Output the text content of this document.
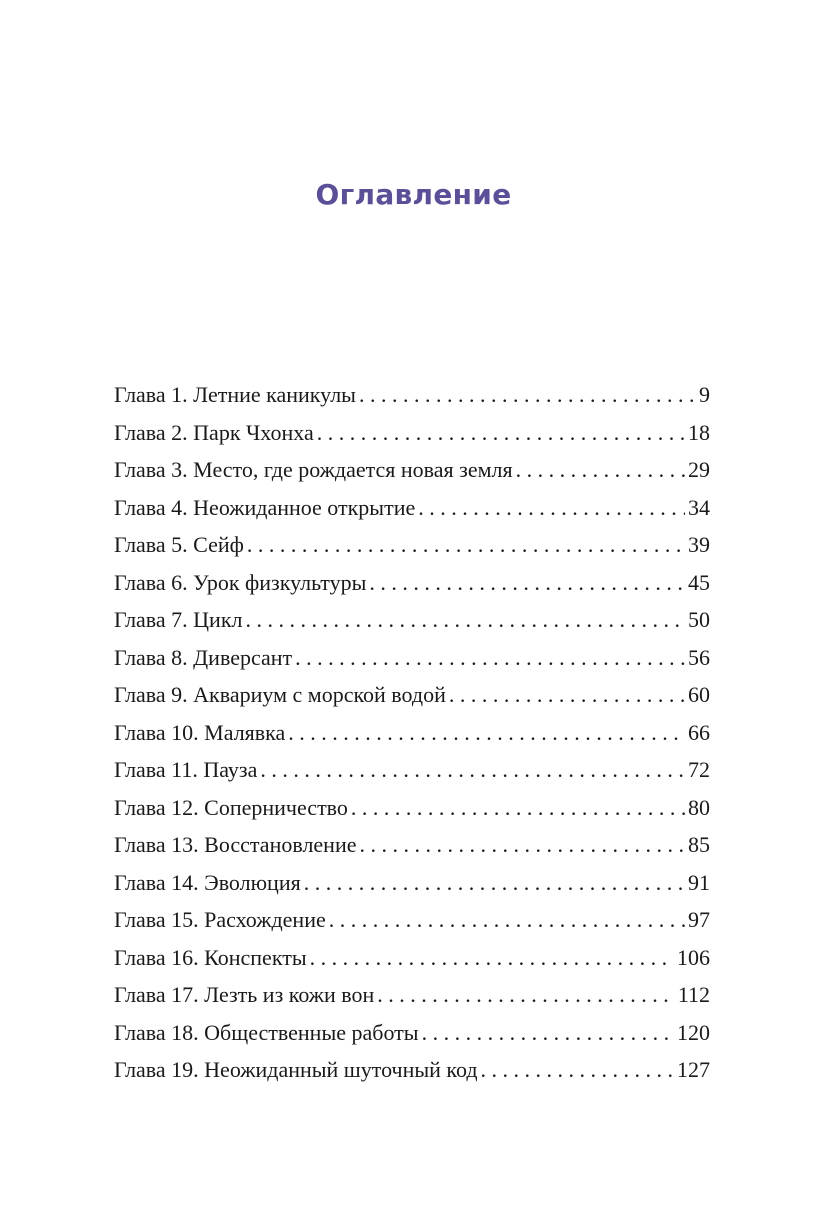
Оглавление
Глава 1. Летние каникулы . . .	9
Глава 2. Парк Чхонха . . .	18
Глава 3. Место, где рождается новая земля . . .	29
Глава 4. Неожиданное открытие . . .	34
Глава 5. Сейф . . .	39
Глава 6. Урок физкультуры . . .	45
Глава 7. Цикл . . .	50
Глава 8. Диверсант . . .	56
Глава 9. Аквариум с морской водой . . .	60
Глава 10. Малявка . . .	66
Глава 11. Пауза . . .	72
Глава 12. Соперничество . . .	80
Глава 13. Восстановление . . .	85
Глава 14. Эволюция . . .	91
Глава 15. Расхождение . . .	97
Глава 16. Конспекты . . .	106
Глава 17. Лезть из кожи вон . . .	112
Глава 18. Общественные работы . . .	120
Глава 19. Неожиданный шуточный код . . .	127
